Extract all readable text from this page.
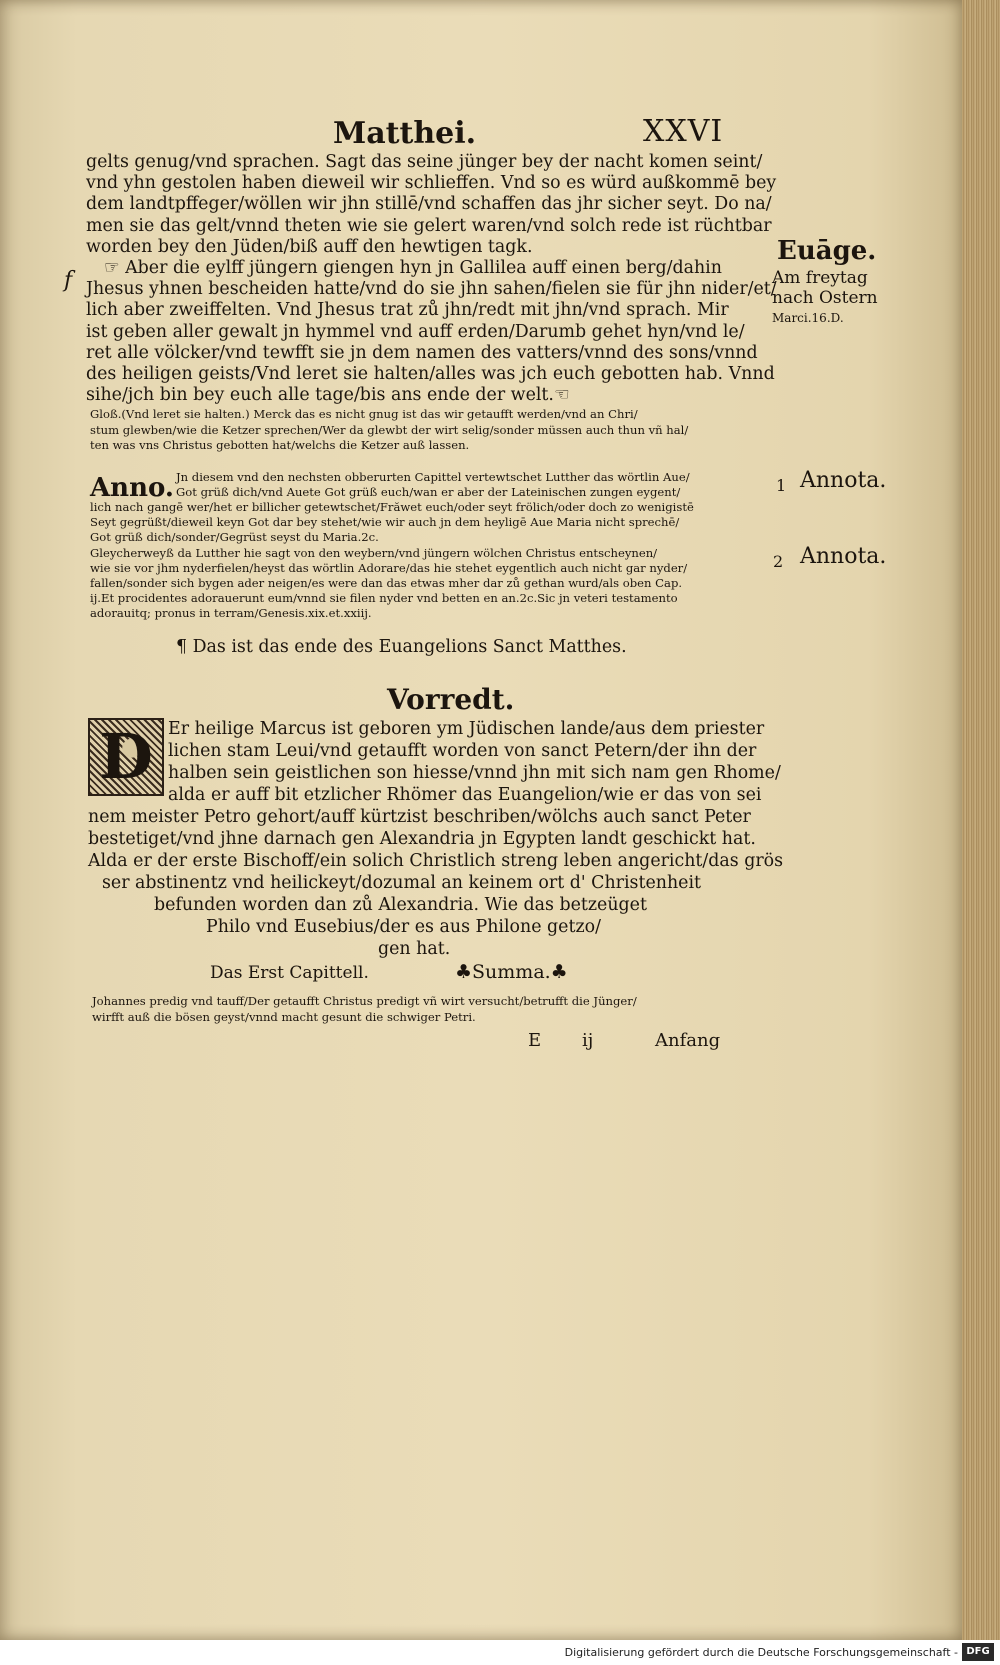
Matthei.	XXVI
f
gelts genug/vnd sprachen. Sagt das seine jünger bey der nacht komen seint/
vnd yhn gestolen haben dieweil wir schlieffen. Vnd so es würd außkommē bey
dem landtpffeger/wöllen wir jhn stillē/vnd schaffen das jhr sicher seyt. Do na/
men sie das gelt/vnnd theten wie sie gelert waren/vnd solch rede ist rüchtbar
worden bey den Jüden/biß auff den hewtigen tagk.
☞ Aber die eylff jüngern giengen hyn jn Gallilea auff einen berg/dahin
Jhesus yhnen bescheiden hatte/vnd do sie jhn sahen/fielen sie für jhn nider/et/
lich aber zweiffelten. Vnd Jhesus trat zů jhn/redt mit jhn/vnd sprach. Mir
ist geben aller gewalt jn hymmel vnd auff erden/Darumb gehet hyn/vnd le/
ret alle völcker/vnd tewfft sie jn dem namen des vatters/vnnd des sons/vnnd
des heiligen geists/Vnd leret sie halten/alles was jch euch gebotten hab. Vnnd
sihe/jch bin bey euch alle tage/bis ans ende der welt.☜
Gloß.(Vnd leret sie halten.) Merck das es nicht gnug ist das wir getaufft werden/vnd an Chri/
stum glewben/wie die Ketzer sprechen/Wer da glewbt der wirt selig/sonder müssen auch thun vñ hal/
ten was vns Christus gebotten hat/welchs die Ketzer auß lassen.
Euāge.
Am freytag
nach Ostern
Marci.16.D.
1 Annota.
2 Annota.
Anno. Jn diesem vnd den nechsten obberurten Capittel vertewtschet Lutther das wörtlin Aue/
Got grüß dich/vnd Auete Got grüß euch/wan er aber der Lateinischen zungen eygent/
lich nach gangē wer/het er billicher getewtschet/Frăwet euch/oder seyt frölich/oder doch zo wenigistē
Seyt gegrüßt/dieweil keyn Got dar bey stehet/wie wir auch jn dem heyligē Aue Maria nicht sprechē/
Got grüß dich/sonder/Gegrüst seyst du Maria.2c.
Gleycherweyß da Lutther hie sagt von den weybern/vnd jüngern wölchen Christus entscheynen/
wie sie vor jhm nyderfielen/heyst das wörtlin Adorare/das hie stehet eygentlich auch nicht gar nyder/
fallen/sonder sich bygen ader neigen/es were dan das etwas mher dar zů gethan wurd/als oben Cap.
ij.Et procidentes adorauerunt eum/vnnd sie filen nyder vnd betten en an.2c.Sic jn veteri testamento
adorauitq; pronus in terram/Genesis.xix.et.xxiij.
¶ Das ist das ende des Euangelions Sanct Matthes.
Vorredt.
D Er heilige Marcus ist geboren ym Jüdischen lande/aus dem priester
lichen stam Leui/vnd getaufft worden von sanct Petern/der ihn der
halben sein geistlichen son hiesse/vnnd jhn mit sich nam gen Rhome/
alda er auff bit etzlicher Rhömer das Euangelion/wie er das von sei
nem meister Petro gehort/auff kürtzist beschriben/wölchs auch sanct Peter
bestetiget/vnd jhne darnach gen Alexandria jn Egypten landt geschickt hat.
Alda er der erste Bischoff/ein solich Christlich streng leben angericht/das grös
ser abstinentz vnd heilickeyt/dozumal an keinem ort d' Christenheit
befunden worden dan zů Alexandria. Wie das betzeüget
Philo vnd Eusebius/der es aus Philone getzo/
gen hat.
Das Erst Capittell.	♣Summa.♣
Johannes predig vnd tauff/Der getaufft Christus predigt vñ wirt versucht/betrufft die Jünger/
wirfft auß die bösen geyst/vnnd macht gesunt die schwiger Petri.
E ij	Anfang
Digitalisierung gefördert durch die Deutsche Forschungsgemeinschaft - DFG
